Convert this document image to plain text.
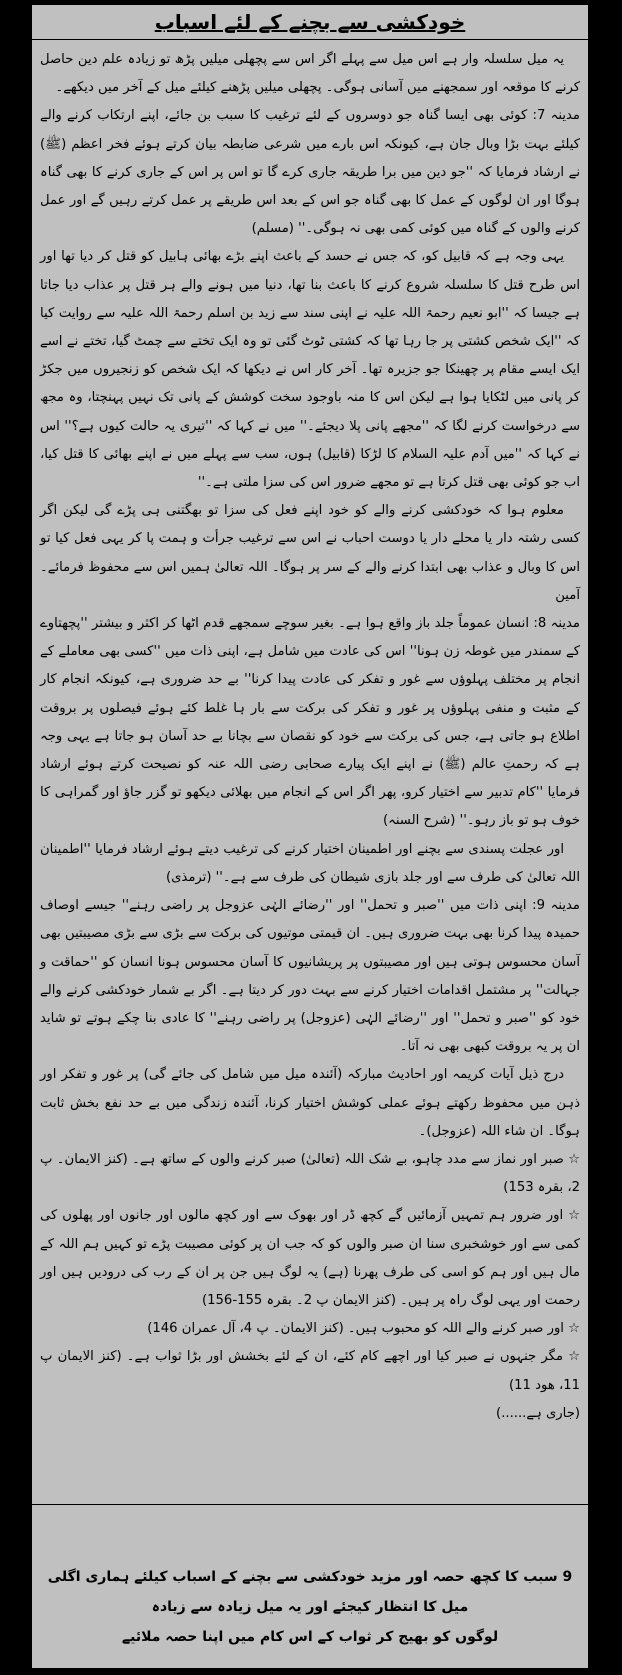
خودکشی سے بچنے کے لئے اسباب

یہ میل سلسلہ وار ہے اس میل سے پہلے اگر اس سے پچھلی میلیں پڑھ تو زیادہ علم دین حاصل کرنے کا موقعہ اور سمجھنے میں آسانی ہوگی۔ پچھلی میلیں پڑھنے کیلئے میل کے آخر میں دیکھے۔

مدینہ 7: کوئی بھی ایسا گناہ جو دوسروں کے لئے ترغیب کا سبب بن جائے، اپنے ارتکاب کرنے والے کیلئے بہت بڑا وبال جان ہے، کیونکہ اس بارے میں شرعی ضابطہ بیان کرتے ہوئے فخر اعظم (ﷺ) نے ارشاد فرمایا کہ ''جو دین میں برا طریقہ جاری کرے گا تو اس پر اس کے جاری کرنے کا بھی گناہ ہوگا اور ان لوگوں کے عمل کا بھی گناہ جو اس کے بعد اس طریقے پر عمل کرتے رہیں گے اور عمل کرنے والوں کے گناہ میں کوئی کمی بھی نہ ہوگی۔'' (مسلم)

یہی وجہ ہے کہ قابیل کو، کہ جس نے حسد کے باعث اپنے بڑے بھائی ہابیل کو قتل کر دیا تھا اور اس طرح قتل کا سلسلہ شروع کرنے کا باعث بنا تھا، دنیا میں ہونے والے ہر قتل پر عذاب دیا جاتا ہے جیسا کہ ''ابو نعیم رحمۃ اللہ علیہ نے اپنی سند سے زید بن اسلم رحمۃ اللہ علیہ سے روایت کیا کہ ''ایک شخص کشتی پر جا رہا تھا کہ کشتی ٹوٹ گئی تو وہ ایک تختے سے چمٹ گیا، تختے نے اسے ایک ایسے مقام پر چھینکا جو جزیرہ تھا۔ آخر کار اس نے دیکھا کہ ایک شخص کو زنجیروں میں جکڑ کر پانی میں لٹکایا ہوا ہے لیکن اس کا منہ باوجود سخت کوشش کے پانی تک نہیں پہنچتا، وہ مجھ سے درخواست کرنے لگا کہ ''مجھے پانی پلا دیجئے۔'' میں نے کہا کہ ''تیری یہ حالت کیوں ہے؟'' اس نے کہا کہ ''میں آدم علیہ السلام کا لڑکا (قابیل) ہوں، سب سے پہلے میں نے اپنے بھائی کا قتل کیا، اب جو کوئی بھی قتل کرتا ہے تو مجھے ضرور اس کی سزا ملتی ہے۔''

معلوم ہوا کہ خودکشی کرنے والے کو خود اپنے فعل کی سزا تو بھگتنی ہی پڑے گی لیکن اگر کسی رشتہ دار یا محلے دار یا دوست احباب نے اس سے ترغیب جرأت و ہمت پا کر یہی فعل کیا تو اس کا وبال و عذاب بھی ابتدا کرنے والے کے سر پر ہوگا۔ اللہ تعالیٰ ہمیں اس سے محفوظ فرمائے۔ آمین

مدینہ 8: انسان عموماً جلد باز واقع ہوا ہے۔ بغیر سوچے سمجھے قدم اٹھا کر اکثر و بیشتر ''پچھتاوے کے سمندر میں غوطہ زن ہونا'' اس کی عادت میں شامل ہے، اپنی ذات میں ''کسی بھی معاملے کے انجام پر مختلف پہلوؤں سے غور و تفکر کی عادت پیدا کرنا'' بے حد ضروری ہے، کیونکہ انجام کار کے مثبت و منفی پہلوؤں پر غور و تفکر کی برکت سے بار ہا غلط کئے ہوئے فیصلوں پر بروقت اطلاع ہو جاتی ہے، جس کی برکت سے خود کو نقصان سے بچانا بے حد آسان ہو جاتا ہے یہی وجہ ہے کہ رحمتِ عالم (ﷺ) نے اپنے ایک پیارے صحابی رضی اللہ عنہ کو نصیحت کرتے ہوئے ارشاد فرمایا ''کام تدبیر سے اختیار کرو، پھر اگر اس کے انجام میں بھلائی دیکھو تو گزر جاؤ اور گمراہی کا خوف ہو تو باز رہو۔'' (شرح السنہ)

اور عجلت پسندی سے بچنے اور اطمینان اختیار کرنے کی ترغیب دیتے ہوئے ارشاد فرمایا ''اطمینان اللہ تعالیٰ کی طرف سے اور جلد بازی شیطان کی طرف سے ہے۔'' (ترمذی)

مدینہ 9: اپنی ذات میں ''صبر و تحمل'' اور ''رضائے الہٰی عزوجل پر راضی رہنے'' جیسے اوصاف حمیدہ پیدا کرنا بھی بہت ضروری ہیں۔ ان قیمتی موتیوں کی برکت سے بڑی سے بڑی مصیبتیں بھی آسان محسوس ہوتی ہیں اور مصیبتوں پر پریشانیوں کا آسان محسوس ہونا انسان کو ''حماقت و جہالت'' پر مشتمل اقدامات اختیار کرنے سے بہت دور کر دیتا ہے۔ اگر بے شمار خودکشی کرنے والے خود کو ''صبر و تحمل'' اور ''رضائے الہٰی (عزوجل) پر راضی رہنے'' کا عادی بنا چکے ہوتے تو شاید ان پر یہ بروقت کبھی بھی نہ آتا۔

درج ذیل آیات کریمہ اور احادیث مبارکہ (آئندہ میل میں شامل کی جائے گی) پر غور و تفکر اور ذہن میں محفوظ رکھتے ہوئے عملی کوشش اختیار کرنا، آئندہ زندگی میں بے حد نفع بخش ثابت ہوگا۔ ان شاء اللہ (عزوجل)۔

☆ صبر اور نماز سے مدد چاہو، بے شک اللہ (تعالیٰ) صبر کرنے والوں کے ساتھ ہے۔ (کنز الایمان۔ پ 2، بقرہ 153)

☆ اور ضرور ہم تمہیں آزمائیں گے کچھ ڈر اور بھوک سے اور کچھ مالوں اور جانوں اور پھلوں کی کمی سے اور خوشخبری سنا ان صبر والوں کو کہ جب ان پر کوئی مصیبت پڑے تو کہیں ہم اللہ کے مال ہیں اور ہم کو اسی کی طرف پھرنا (ہے) یہ لوگ ہیں جن پر ان کے رب کی درودیں ہیں اور رحمت اور یہی لوگ راہ پر ہیں۔ (کنز الایمان پ 2۔ بقرہ 155-156)

☆ اور صبر کرنے والے اللہ کو محبوب ہیں۔ (کنز الایمان۔ پ 4، آل عمران 146)

☆ مگر جنہوں نے صبر کیا اور اچھے کام کئے، ان کے لئے بخشش اور بڑا ثواب ہے۔ (کنز الایمان پ 11، ھود 11)

(جاری ہے......)

9 سبب کا کچھ حصہ اور مزید خودکشی سے بچنے کے اسباب کیلئے ہماری اگلی میل کا انتظار کیجئے اور یہ میل زیادہ سے زیادہ

لوگوں کو بھیج کر ثواب کے اس کام میں اپنا حصہ ملائیے
